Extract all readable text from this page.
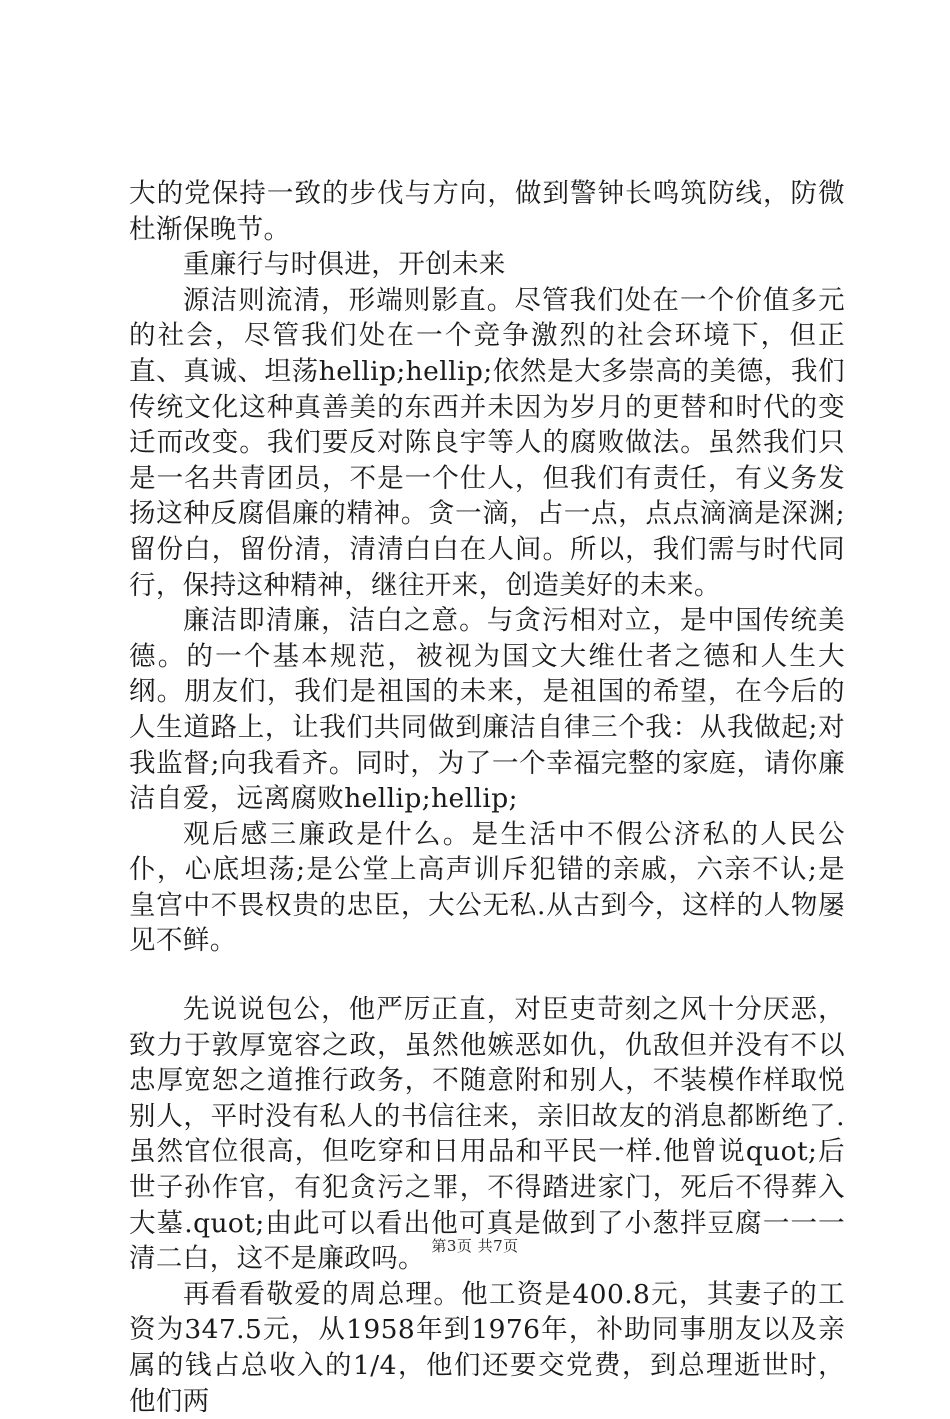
大的党保持一致的步伐与方向，做到警钟长鸣筑防线，防微杜渐保晚节。

重廉行与时俱进，开创未来

源洁则流清，形端则影直。尽管我们处在一个价值多元的社会，尽管我们处在一个竞争激烈的社会环境下，但正直、真诚、坦荡hellip;hellip;依然是大多崇高的美德，我们传统文化这种真善美的东西并未因为岁月的更替和时代的变迁而改变。我们要反对陈良宇等人的腐败做法。虽然我们只是一名共青团员，不是一个仕人，但我们有责任，有义务发扬这种反腐倡廉的精神。贪一滴，占一点，点点滴滴是深渊;留份白，留份清，清清白白在人间。所以，我们需与时代同行，保持这种精神，继往开来，创造美好的未来。

廉洁即清廉，洁白之意。与贪污相对立，是中国传统美德。的一个基本规范，被视为国文大维仕者之德和人生大纲。朋友们，我们是祖国的未来，是祖国的希望，在今后的人生道路上，让我们共同做到廉洁自律三个我：从我做起;对我监督;向我看齐。同时，为了一个幸福完整的家庭，请你廉洁自爱，远离腐败hellip;hellip;

观后感三廉政是什么。是生活中不假公济私的人民公仆，心底坦荡;是公堂上高声训斥犯错的亲戚，六亲不认;是皇宫中不畏权贵的忠臣，大公无私.从古到今，这样的人物屡见不鲜。

先说说包公，他严厉正直，对臣吏苛刻之风十分厌恶，致力于敦厚宽容之政，虽然他嫉恶如仇，仇敌但并没有不以忠厚宽恕之道推行政务，不随意附和别人，不装模作样取悦别人，平时没有私人的书信往来，亲旧故友的消息都断绝了.虽然官位很高，但吃穿和日用品和平民一样.他曾说quot;后世子孙作官，有犯贪污之罪，不得踏进家门，死后不得葬入大墓.quot;由此可以看出他可真是做到了小葱拌豆腐一一一清二白，这不是廉政吗。

再看看敬爱的周总理。他工资是400.8元，其妻子的工资为347.5元，从1958年到1976年，补助同事朋友以及亲属的钱占总收入的1/4，他们还要交党费，到总理逝世时，他们两

第3页 共7页
